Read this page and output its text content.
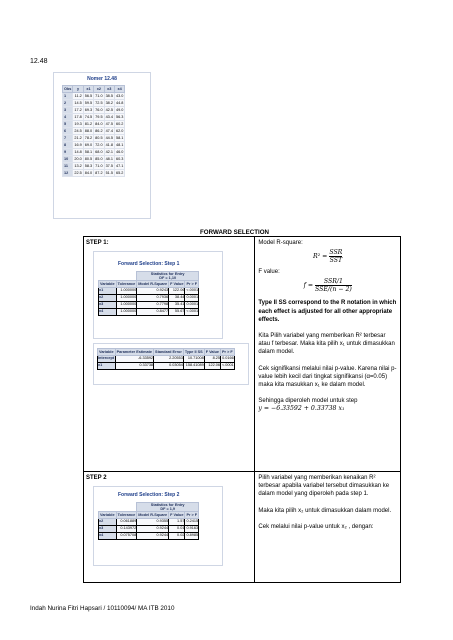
12.48
Nomer 12.48
Obs	y	x1	x2	x3	x4
1	11.2	56.5	71.0	38.5	43.0
2	14.5	59.5	72.5	38.2	44.8
3	17.2	69.3	76.0	42.5	49.0
4	17.8	74.5	79.5	43.4	56.3
5	19.3	81.2	84.0	47.5	60.2
6	24.5	88.0	86.2	47.4	62.0
7	21.2	78.2	80.5	44.5	58.1
8	16.9	69.0	72.0	41.8	48.1
9	14.8	58.1	68.0	42.1	46.0
10	20.0	80.5	85.0	48.1	60.3
11	13.2	58.3	71.0	37.5	47.1
12	22.5	84.0	87.2	51.5	65.2
FORWARD SELECTION
STEP 1:
Forward Selection: Step 1

Statistics for Entry
DF = 1,10

Variable	Tolerance	Model R-Square	F Value	Pr > F
x1	1.000000	0.9243	122.06	<.0001
x2	1.000000	0.7936	38.44	0.0001
x3	1.000000	0.7798	35.41	0.0001
x4	1.000000	0.8477	55.67	<.0001
Variable	Parameter Estimate	Standard Error	Type II SS	F Value	Pr > F
Intercept	-6.33592	2.20553	10.71008	8.25	0.0166
x1	0.33738	0.03054	158.41089	122.06	<.0001

Model R-square:
$R^2 = \frac{\text{SSR}}{\text{SST}}$
F value:
$f = \frac{\text{SSR/1}}{\text{SSE/(n − 2)}}$
Type II SS correspond to the R notation in which each effect is adjusted for all other appropriate effects.
Kita Pilih variabel yang memberikan R² terbesar atau f terbesar. Maka kita pilih x₁ untuk dimasukkan dalam model.
Cek signifikansi melalui nilai p-value. Karena nilai p-value lebih kecil dari tingkat signifikansi (α=0.05) maka kita masukkan x₁ ke dalam model.
Sehingga diperoleh model untuk step
y = −6.33592 + 0.33738 x₁

STEP 2
Forward Selection: Step 2

Statistics for Entry
DF = 1,9

Variable	Tolerance	Model R-Square	F Value	Pr > F
x2	0.061889	0.9355	1.57	0.2415
x3	0.143972	0.9244	0.01	0.9163
x4	0.075708	0.9244	0.02	0.8985

Pilih variabel yang memberikan kenaikan R² terbesar apabila variabel tersebut dimasukkan ke dalam model yang diperoleh pada step 1.
Maka kita pilih x₂ untuk dimasukkan dalam model.
Cek melalui nilai p-value untuk x₂ , dengan:
Indah Nurina Fitri Hapsari / 10110094/ MA ITB 2010
